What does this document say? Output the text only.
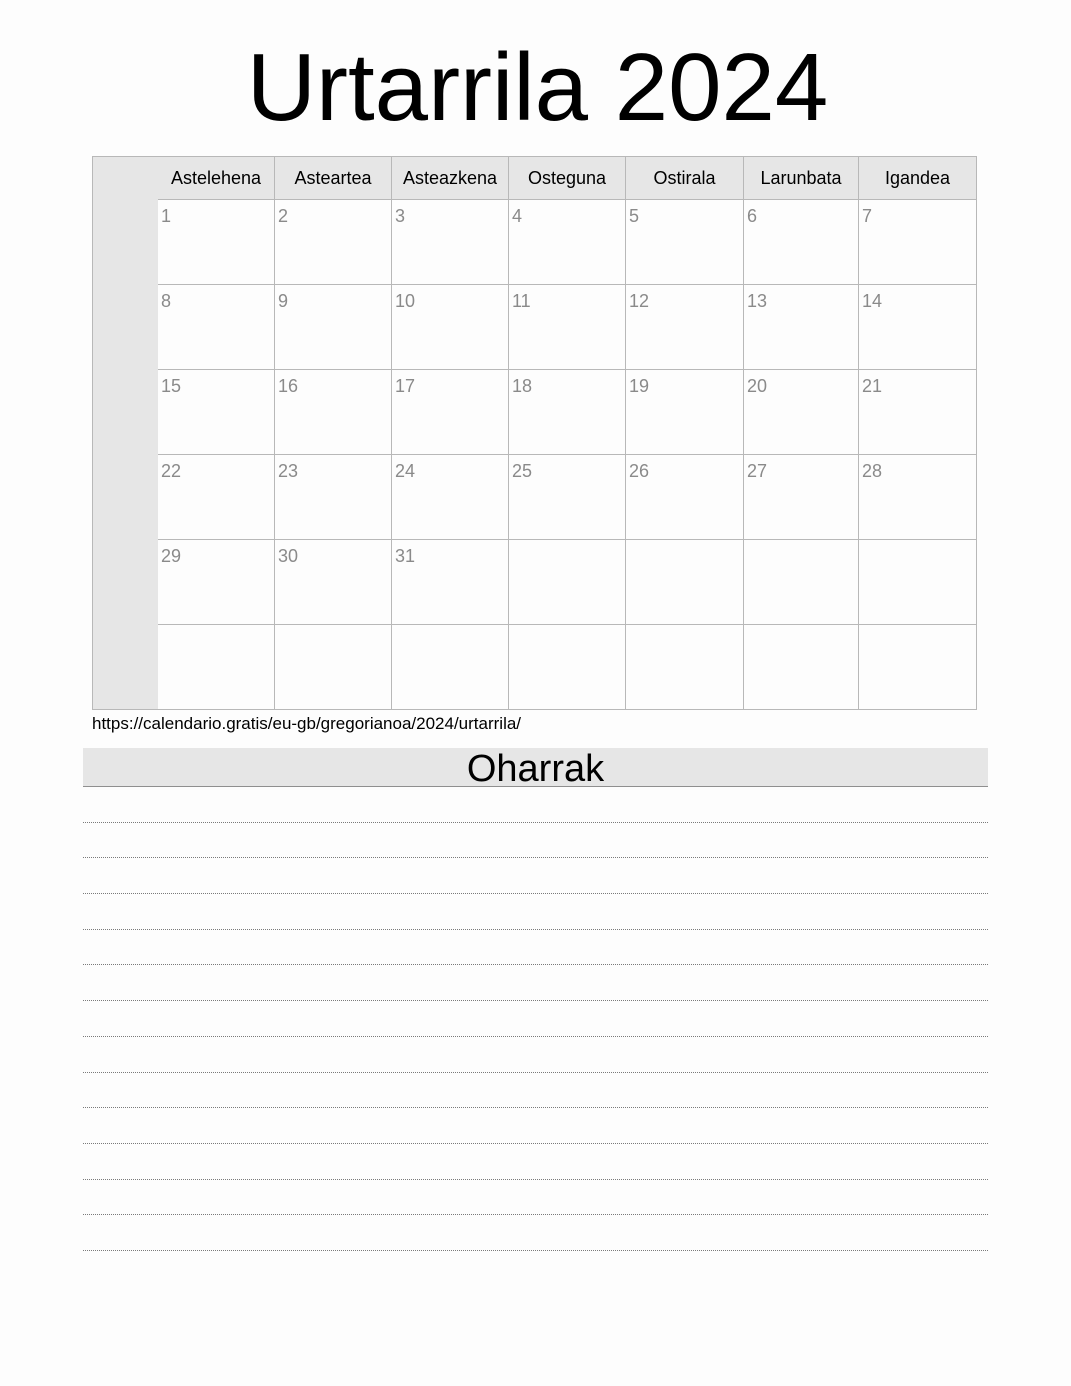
Urtarrila 2024
Astelehena	Asteartea	Asteazkena	Osteguna	Ostirala	Larunbata	Igandea
1	2	3	4	5	6	7
8	9	10	11	12	13	14
15	16	17	18	19	20	21
22	23	24	25	26	27	28
29	30	31
https://calendario.gratis/eu-gb/gregorianoa/2024/urtarrila/
Oharrak
